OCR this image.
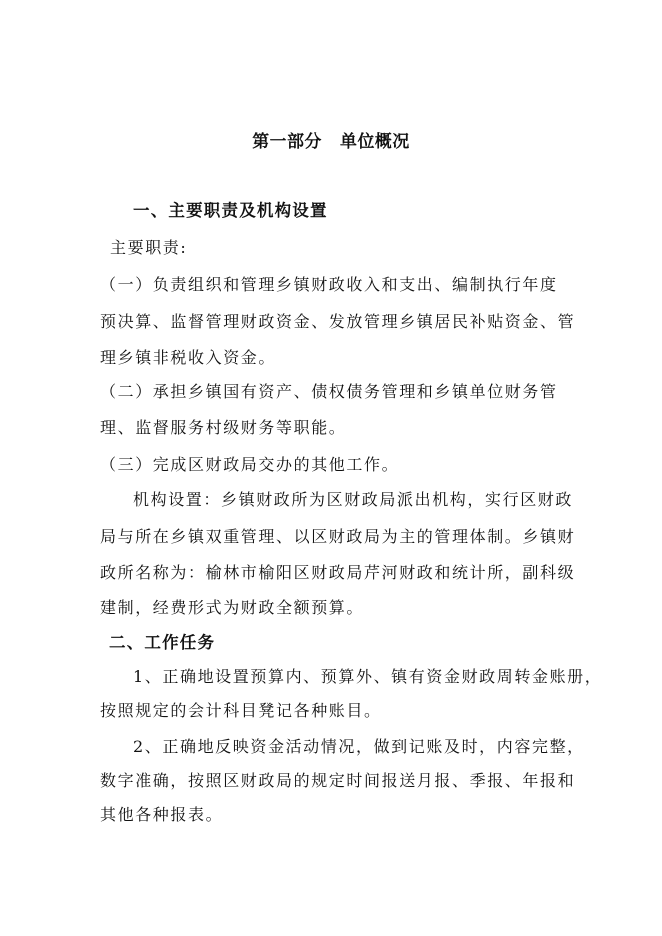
第一部分 单位概况

一、主要职责及机构设置

主要职责:

（一）负责组织和管理乡镇财政收入和支出、编制执行年度

预决算、监督管理财政资金、发放管理乡镇居民补贴资金、管

理乡镇非税收入资金。

（二）承担乡镇国有资产、债权债务管理和乡镇单位财务管

理、监督服务村级财务等职能。

（三）完成区财政局交办的其他工作。

机构设置：乡镇财政所为区财政局派出机构，实行区财政

局与所在乡镇双重管理、以区财政局为主的管理体制。乡镇财

政所名称为：榆林市榆阳区财政局芹河财政和统计所，副科级

建制，经费形式为财政全额预算。

二、工作任务

1、正确地设置预算内、预算外、镇有资金财政周转金账册，

按照规定的会计科目凳记各种账目。

2、正确地反映资金活动情况，做到记账及时，内容完整，

数字准确，按照区财政局的规定时间报送月报、季报、年报和

其他各种报表。
